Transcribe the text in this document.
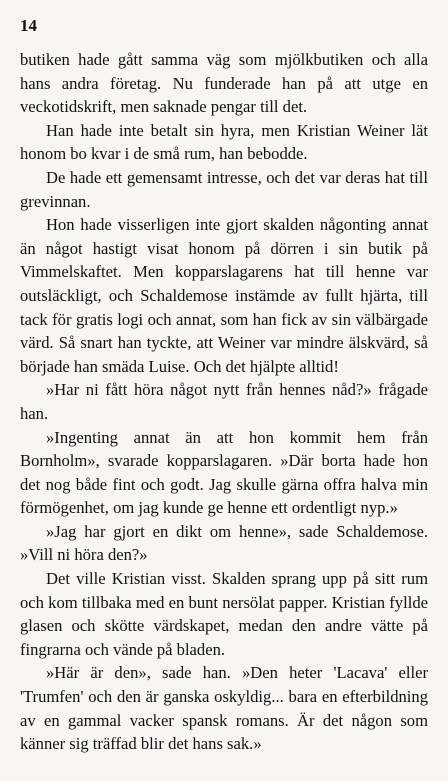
14

butiken hade gått samma väg som mjölkbutiken och alla hans andra företag. Nu funderade han på att utge en veckotidskrift, men saknade pengar till det.

Han hade inte betalt sin hyra, men Kristian Weiner lät honom bo kvar i de små rum, han bebodde.

De hade ett gemensamt intresse, och det var deras hat till grevinnan.

Hon hade visserligen inte gjort skalden någonting annat än något hastigt visat honom på dörren i sin butik på Vimmelskaftet. Men kopparslagarens hat till henne var outsläckligt, och Schaldemose instämde av fullt hjärta, till tack för gratis logi och annat, som han fick av sin välbärgade värd. Så snart han tyckte, att Weiner var mindre älskvärd, så började han smäda Luise. Och det hjälpte alltid!

»Har ni fått höra något nytt från hennes nåd?» frågade han.

»Ingenting annat än att hon kommit hem från Bornholm», svarade kopparslagaren. »Där borta hade hon det nog både fint och godt. Jag skulle gärna offra halva min förmögenhet, om jag kunde ge henne ett ordentligt nyp.»

»Jag har gjort en dikt om henne», sade Schaldemose. »Vill ni höra den?»

Det ville Kristian visst. Skalden sprang upp på sitt rum och kom tillbaka med en bunt nersölat papper. Kristian fyllde glasen och skötte värdskapet, medan den andre vätte på fingrarna och vände på bladen.

»Här är den», sade han. »Den heter 'Lacava' eller 'Trumfen' och den är ganska oskyldig... bara en efterbildning av en gammal vacker spansk romans. Är det någon som känner sig träffad blir det hans sak.»
